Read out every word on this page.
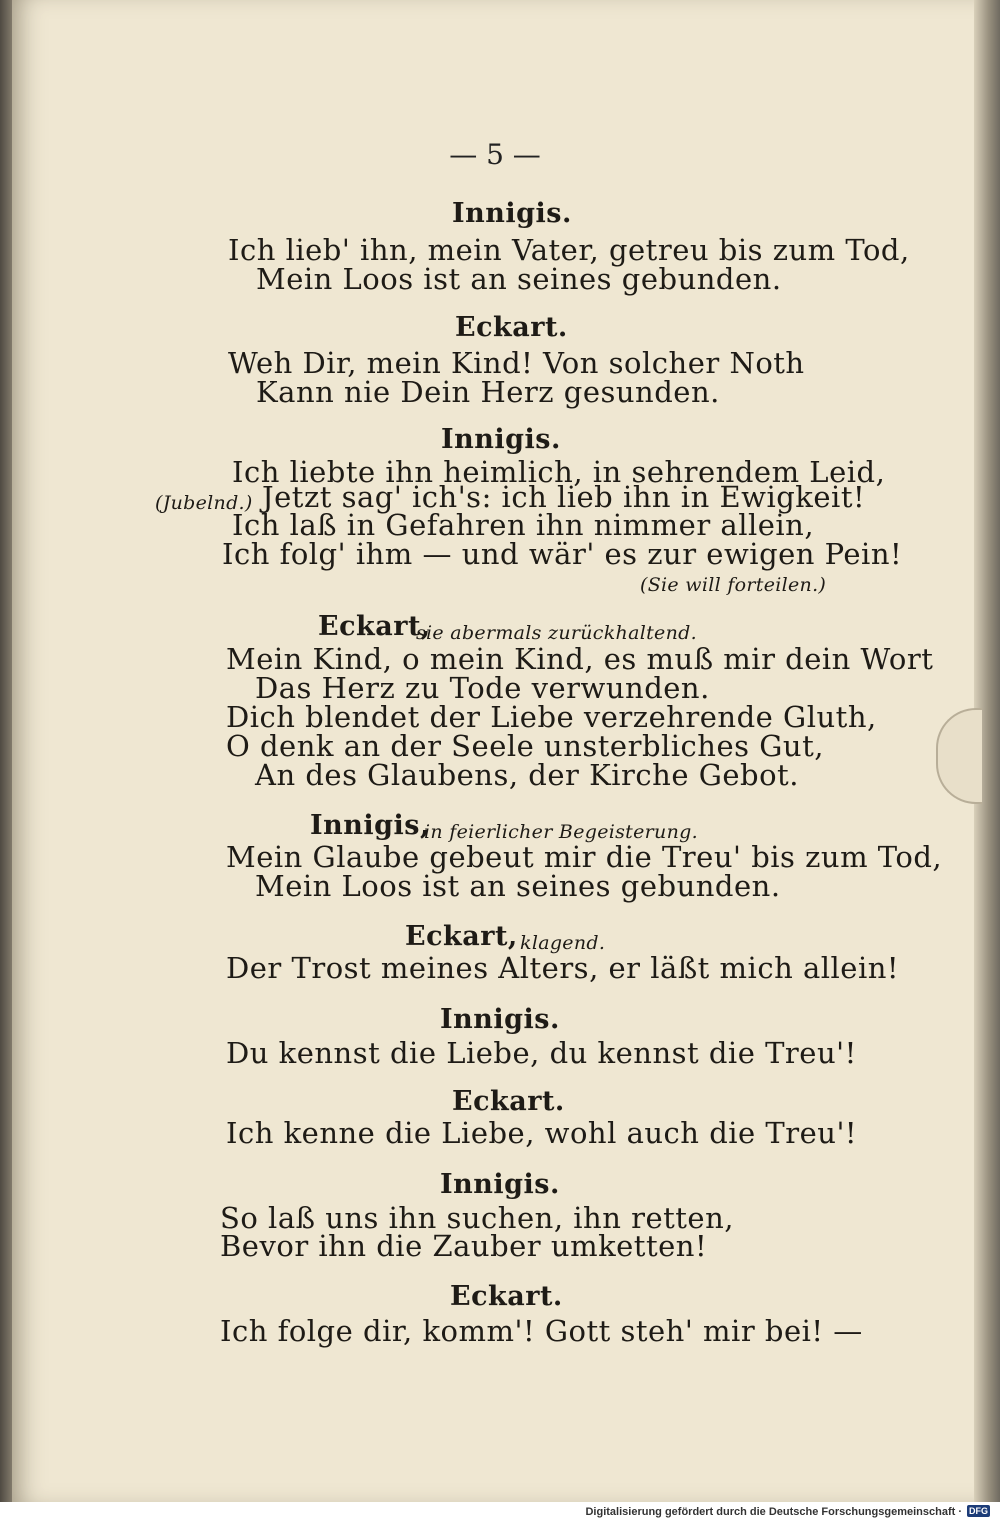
— 5 —
Innigis.
Ich lieb' ihn, mein Vater, getreu bis zum Tod,
Mein Loos ist an seines gebunden.
Eckart.
Weh Dir, mein Kind! Von solcher Noth
Kann nie Dein Herz gesunden.
Innigis.
Ich liebte ihn heimlich, in sehrendem Leid,
(Jubelnd.) Jetzt sag' ich's: ich lieb ihn in Ewigkeit!
Ich laß in Gefahren ihn nimmer allein,
Ich folg' ihm — und wär' es zur ewigen Pein!
(Sie will forteilen.)
Eckart,
sie abermals zurückhaltend.
Mein Kind, o mein Kind, es muß mir dein Wort
Das Herz zu Tode verwunden.
Dich blendet der Liebe verzehrende Gluth,
O denk an der Seele unsterbliches Gut,
An des Glaubens, der Kirche Gebot.
Innigis,
in feierlicher Begeisterung.
Mein Glaube gebeut mir die Treu' bis zum Tod,
Mein Loos ist an seines gebunden.
Eckart, klagend.
Der Trost meines Alters, er läßt mich allein!
Innigis.
Du kennst die Liebe, du kennst die Treu'!
Eckart.
Ich kenne die Liebe, wohl auch die Treu'!
Innigis.
So laß uns ihn suchen, ihn retten,
Bevor ihn die Zauber umketten!
Eckart.
Ich folge dir, komm'! Gott steh' mir bei! —
Digitalisierung gefördert durch die Deutsche Forschungsgemeinschaft · DFG
